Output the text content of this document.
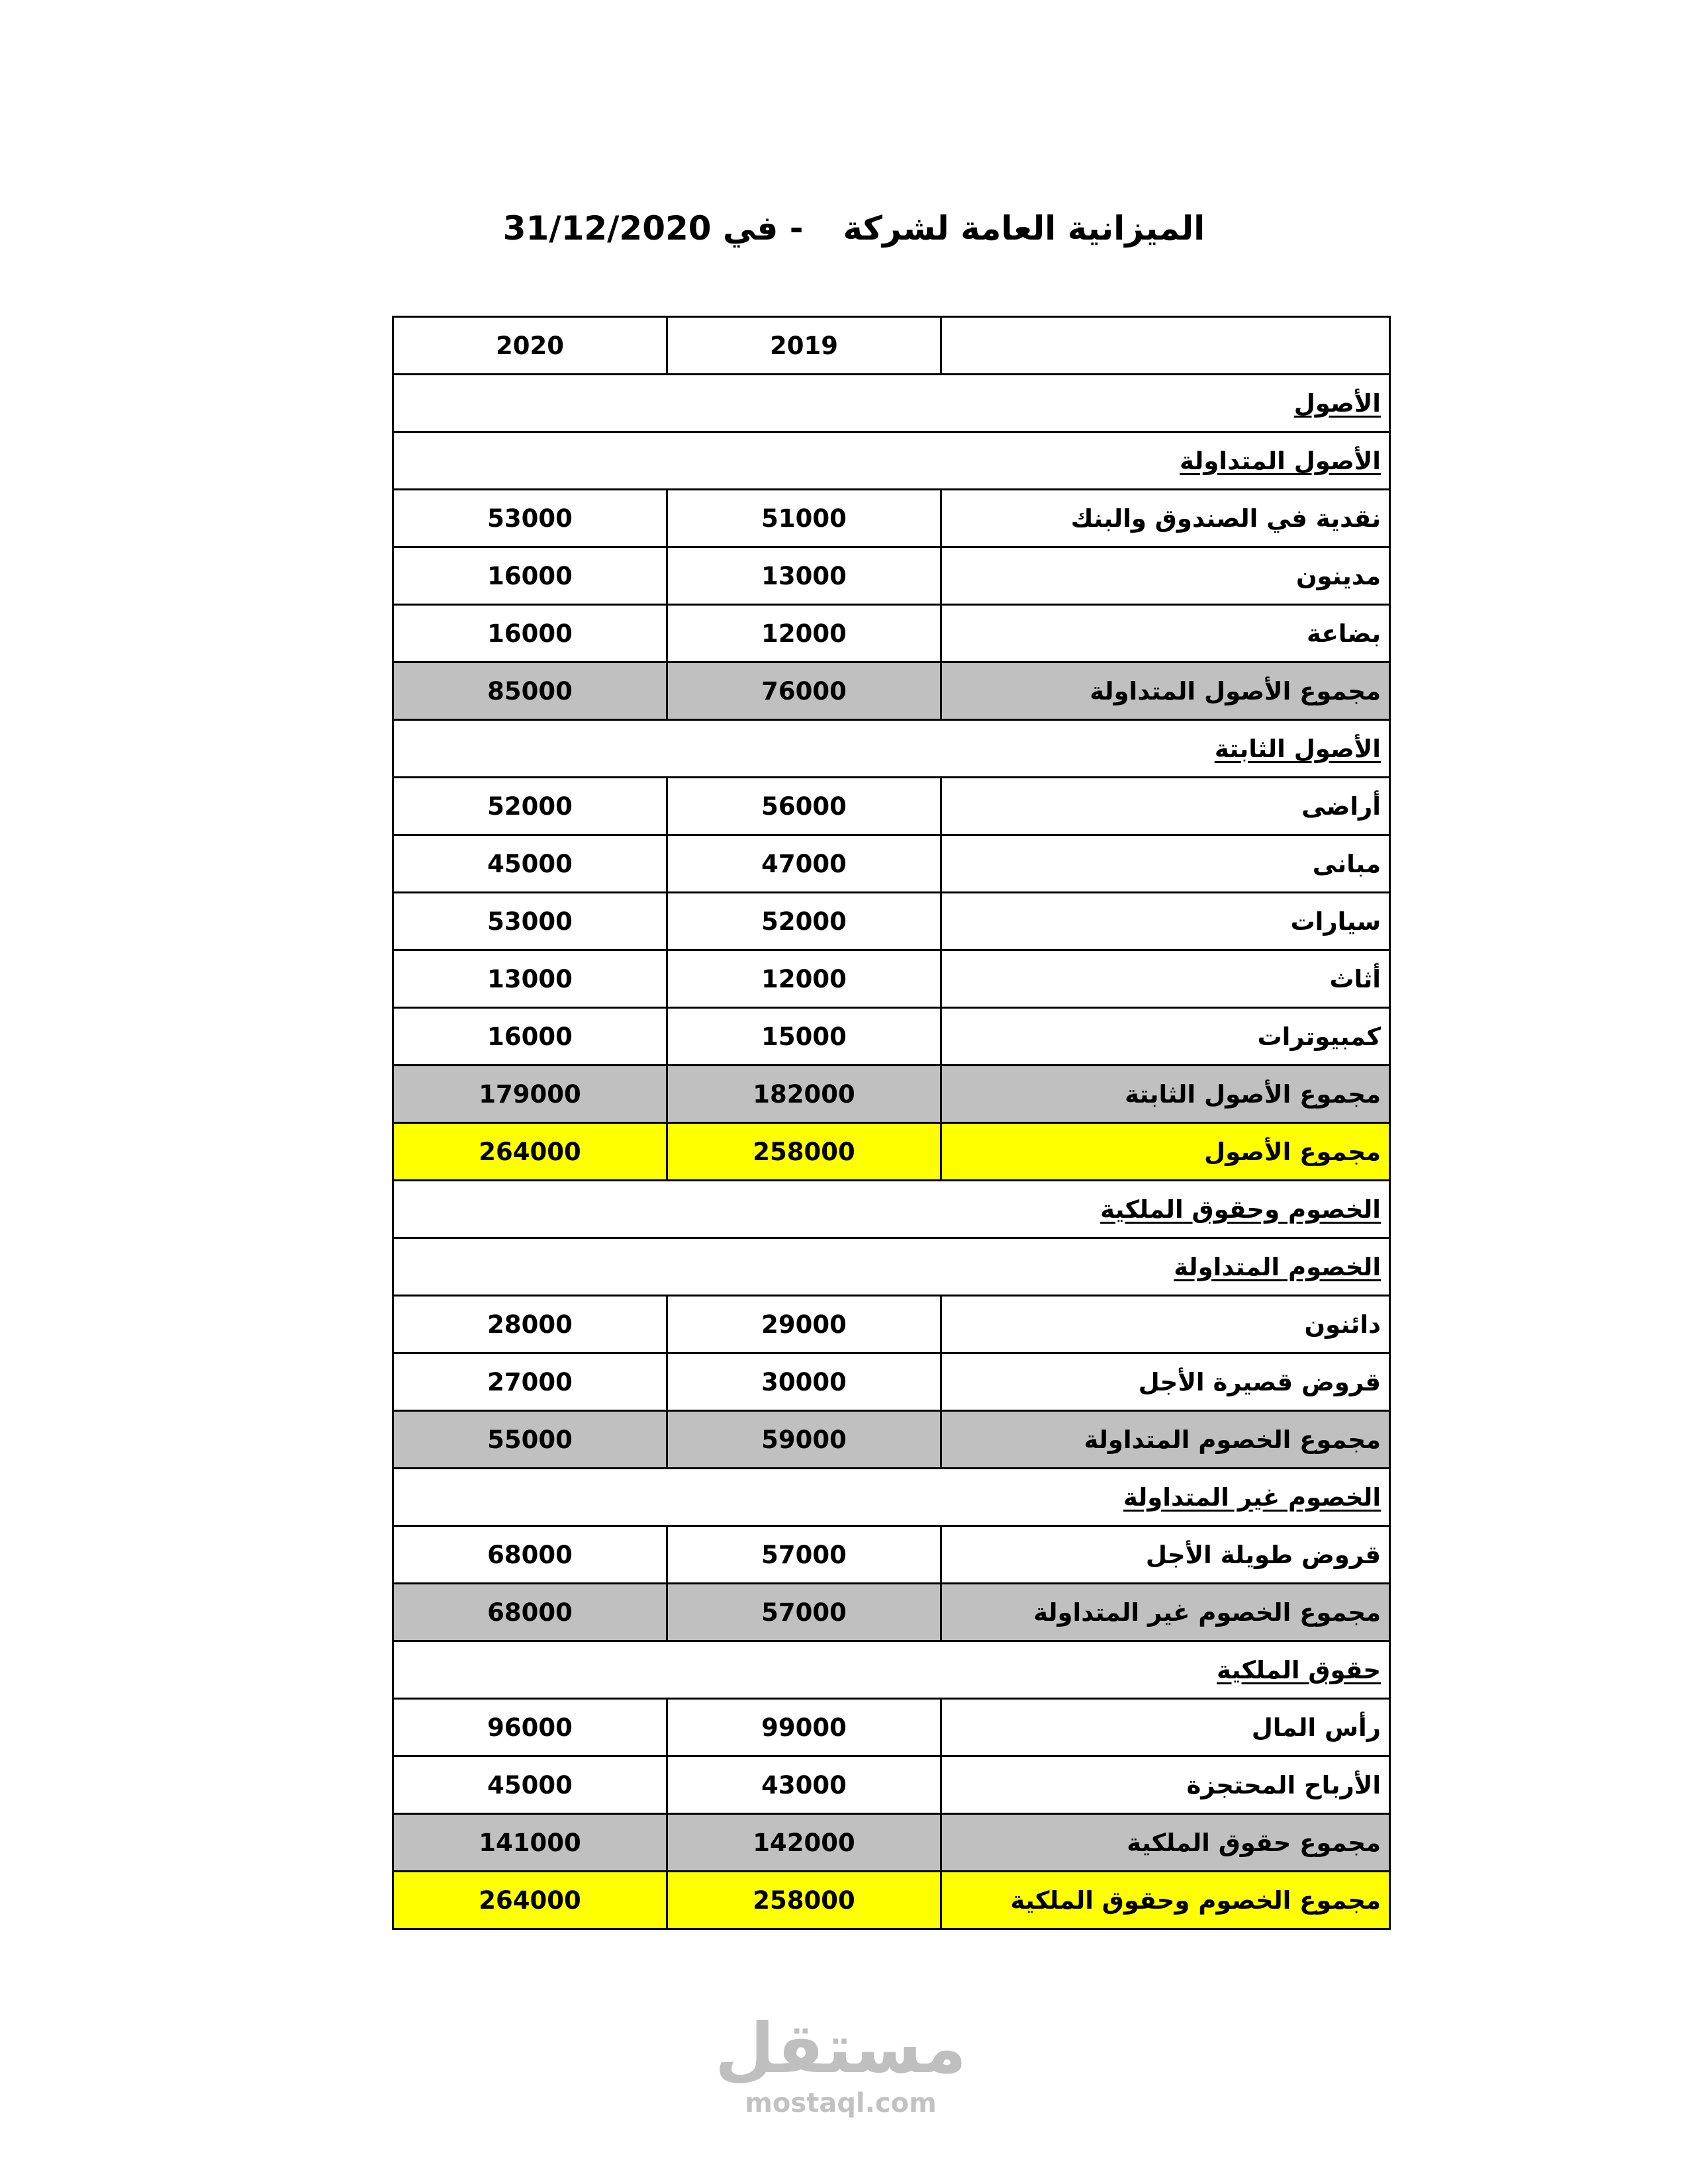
الميزانية العامة لشركة
- في 31/12/2020
2020	2019	
الأصول		
الأصول المتداولة		
53000	51000	نقدية في الصندوق والبنك
16000	13000	مدينون
16000	12000	بضاعة
85000	76000	مجموع الأصول المتداولة
الأصول الثابتة		
52000	56000	أراضى
45000	47000	مبانى
53000	52000	سيارات
13000	12000	أثاث
16000	15000	كمبيوترات
179000	182000	مجموع الأصول الثابتة
264000	258000	مجموع الأصول
الخصوم وحقوق الملكية		
الخصوم المتداولة		
28000	29000	دائنون
27000	30000	قروض قصيرة الأجل
55000	59000	مجموع الخصوم المتداولة
الخصوم غير المتداولة		
68000	57000	قروض طويلة الأجل
68000	57000	مجموع الخصوم غير المتداولة
حقوق الملكية		
96000	99000	رأس المال
45000	43000	الأرباح المحتجزة
141000	142000	مجموع حقوق الملكية
264000	258000	مجموع الخصوم وحقوق الملكية
مستقل
mostaql.com
